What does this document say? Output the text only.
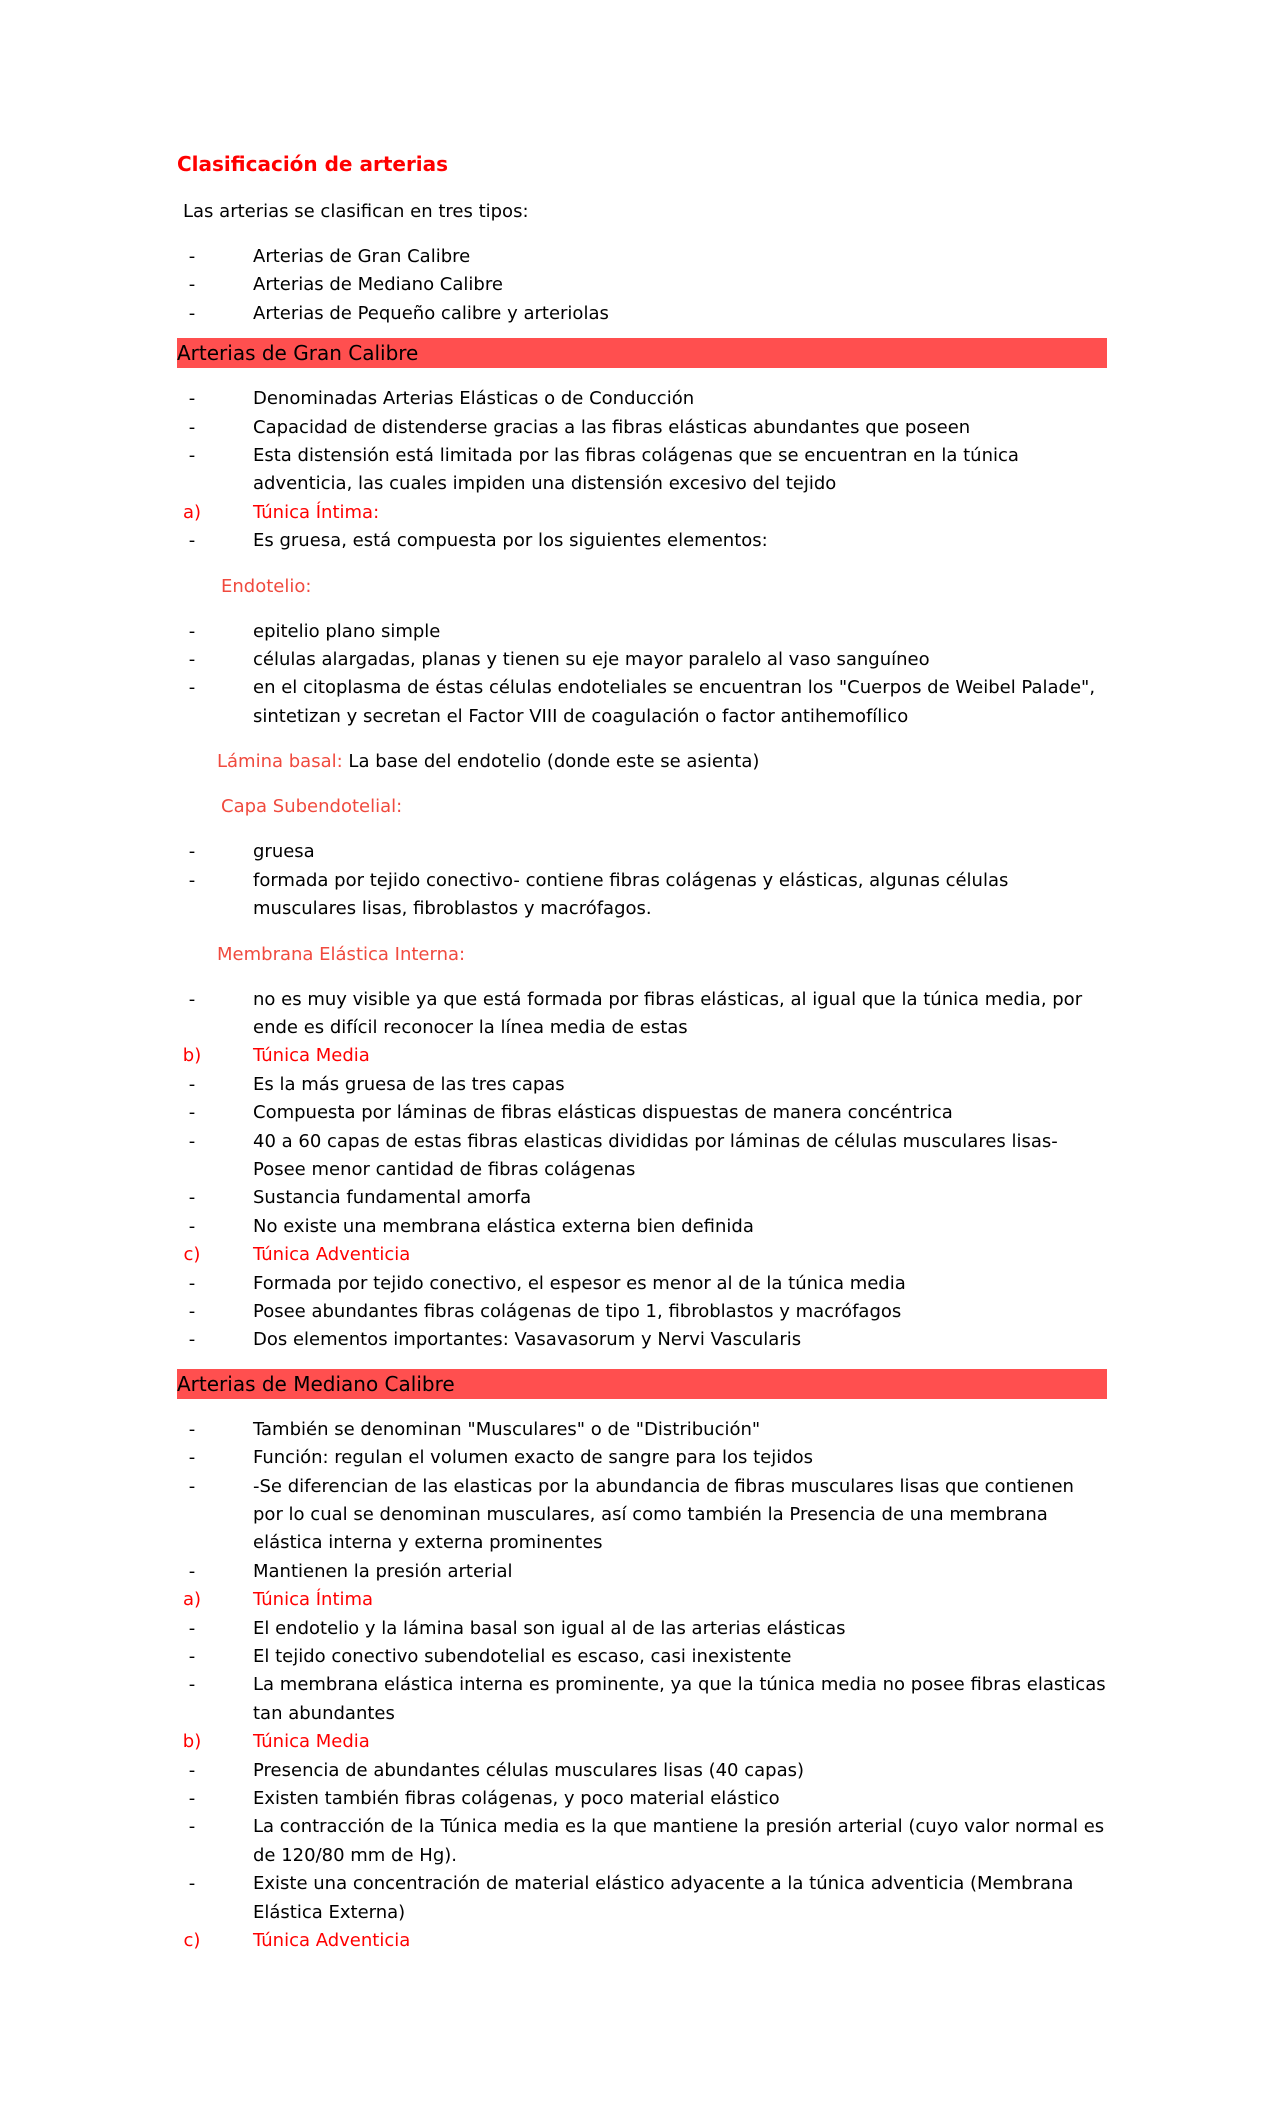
Clasificación de arterias

Las arterias se clasifican en tres tipos:

-	Arterias de Gran Calibre
-	Arterias de Mediano Calibre
-	Arterias de Pequeño calibre y arteriolas
Arterias de Gran Calibre
-	Denominadas Arterias Elásticas o de Conducción
-	Capacidad de distenderse gracias a las fibras elásticas abundantes que poseen
-	Esta distensión está limitada por las fibras colágenas que se encuentran en la túnica adventicia, las cuales impiden una distensión excesivo del tejido
a)	Túnica Íntima:
-	Es gruesa, está compuesta por los siguientes elementos:

Endotelio:

-	epitelio plano simple
-	células alargadas, planas y tienen su eje mayor paralelo al vaso sanguíneo
-	en el citoplasma de éstas células endoteliales se encuentran los "Cuerpos de Weibel Palade", sintetizan y secretan el Factor VIII de coagulación o factor antihemofílico

Lámina basal: La base del endotelio (donde este se asienta)

Capa Subendotelial:

-	gruesa
-	formada por tejido conectivo- contiene fibras colágenas y elásticas, algunas células musculares lisas, fibroblastos y macrófagos.

Membrana Elástica Interna:

-	no es muy visible ya que está formada por fibras elásticas, al igual que la túnica media, por ende es difícil reconocer la línea media de estas
b)	Túnica Media
-	Es la más gruesa de las tres capas
-	Compuesta por láminas de fibras elásticas dispuestas de manera concéntrica
-	40 a 60 capas de estas fibras elasticas divididas por láminas de células musculares lisas- Posee menor cantidad de fibras colágenas
-	Sustancia fundamental amorfa
-	No existe una membrana elástica externa bien definida
c)	Túnica Adventicia
-	Formada por tejido conectivo, el espesor es menor al de la túnica media
-	Posee abundantes fibras colágenas de tipo 1, fibroblastos y macrófagos
-	Dos elementos importantes: Vasavasorum y Nervi Vascularis
Arterias de Mediano Calibre
-	También se denominan "Musculares" o de "Distribución"
-	Función: regulan el volumen exacto de sangre para los tejidos
-	-Se diferencian de las elasticas por la abundancia de fibras musculares lisas que contienen por lo cual se denominan musculares, así como también la Presencia de una membrana elástica interna y externa prominentes
-	Mantienen la presión arterial
a)	Túnica Íntima
-	El endotelio y la lámina basal son igual al de las arterias elásticas
-	El tejido conectivo subendotelial es escaso, casi inexistente
-	La membrana elástica interna es prominente, ya que la túnica media no posee fibras elasticas tan abundantes
b)	Túnica Media
-	Presencia de abundantes células musculares lisas (40 capas)
-	Existen también fibras colágenas, y poco material elástico
-	La contracción de la Túnica media es la que mantiene la presión arterial (cuyo valor normal es de 120/80 mm de Hg).
-	Existe una concentración de material elástico adyacente a la túnica adventicia (Membrana Elástica Externa)
c)	Túnica Adventicia
